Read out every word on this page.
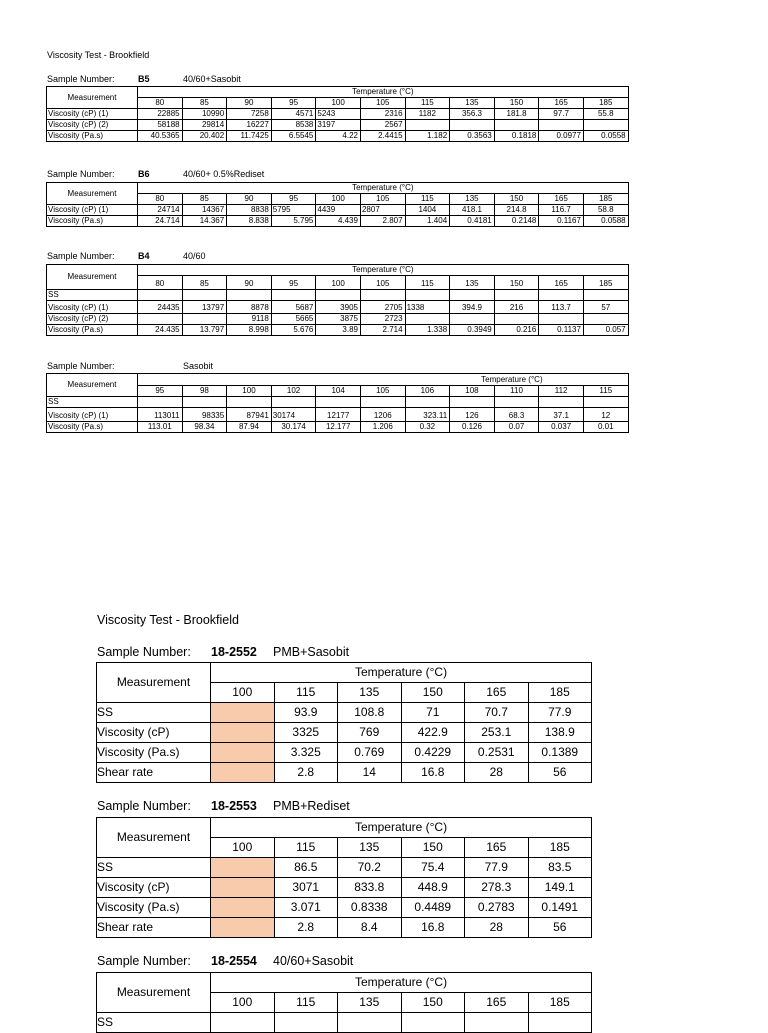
Viscosity Test - Brookfield
Sample Number:	B5	40/60+Sasobit
Measurement	Temperature (°C)										
	80	85	90	95	100	105	115	135	150	165	185
Viscosity (cP) (1)	22885	10990	7258	4571	5243	2316	1182	356.3	181.8	97.7	55.8
Viscosity (cP) (2)	58188	29814	16227	8538	3197	2567					
Viscosity (Pa.s)	40.5365	20.402	11.7425	6.5545	4.22	2.4415	1.182	0.3563	0.1818	0.0977	0.0558
Sample Number:	B6	40/60+ 0.5%Rediset
Measurement	Temperature (°C)										
	80	85	90	95	100	105	115	135	150	165	185
Viscosity (cP) (1)	24714	14367	8838	5795	4439	2807	1404	418.1	214.8	116.7	58.8
Viscosity (Pa.s)	24.714	14.367	8.838	5.795	4.439	2.807	1.404	0.4181	0.2148	0.1167	0.0588
Sample Number:	B4	40/60
Measurement	Temperature (°C)										
	80	85	90	95	100	105	115	135	150	165	185
SS											
Viscosity (cP) (1)	24435	13797	8878	5687	3905	2705	1338	394.9	216	113.7	57
Viscosity (cP) (2)			9118	5665	3875	2723					
Viscosity (Pa.s)	24.435	13.797	8.998	5.676	3.89	2.714	1.338	0.3949	0.216	0.1137	0.057
Sample Number:	Sasobit
Measurement	Temperature (°C)										
	95	98	100	102	104	105	106	108	110	112	115
SS											
Viscosity (cP) (1)	113011	98335	87941	30174	12177	1206	323.11	126	68.3	37.1	12
Viscosity (Pa.s)	113.01	98.34	87.94	30.174	12.177	1.206	0.32	0.126	0.07	0.037	0.01
Viscosity Test - Brookfield
Sample Number: 18-2552 PMB+Sasobit
Measurement	Temperature (°C)					
	100	115	135	150	165	185
SS		93.9	108.8	71	70.7	77.9
Viscosity (cP)		3325	769	422.9	253.1	138.9
Viscosity (Pa.s)		3.325	0.769	0.4229	0.2531	0.1389
Shear rate		2.8	14	16.8	28	56
Sample Number: 18-2553 PMB+Rediset
Measurement	Temperature (°C)					
	100	115	135	150	165	185
SS		86.5	70.2	75.4	77.9	83.5
Viscosity (cP)		3071	833.8	448.9	278.3	149.1
Viscosity (Pa.s)		3.071	0.8338	0.4489	0.2783	0.1491
Shear rate		2.8	8.4	16.8	28	56
Sample Number: 18-2554 40/60+Sasobit
Measurement	Temperature (°C)					
	100	115	135	150	165	185
SS						
